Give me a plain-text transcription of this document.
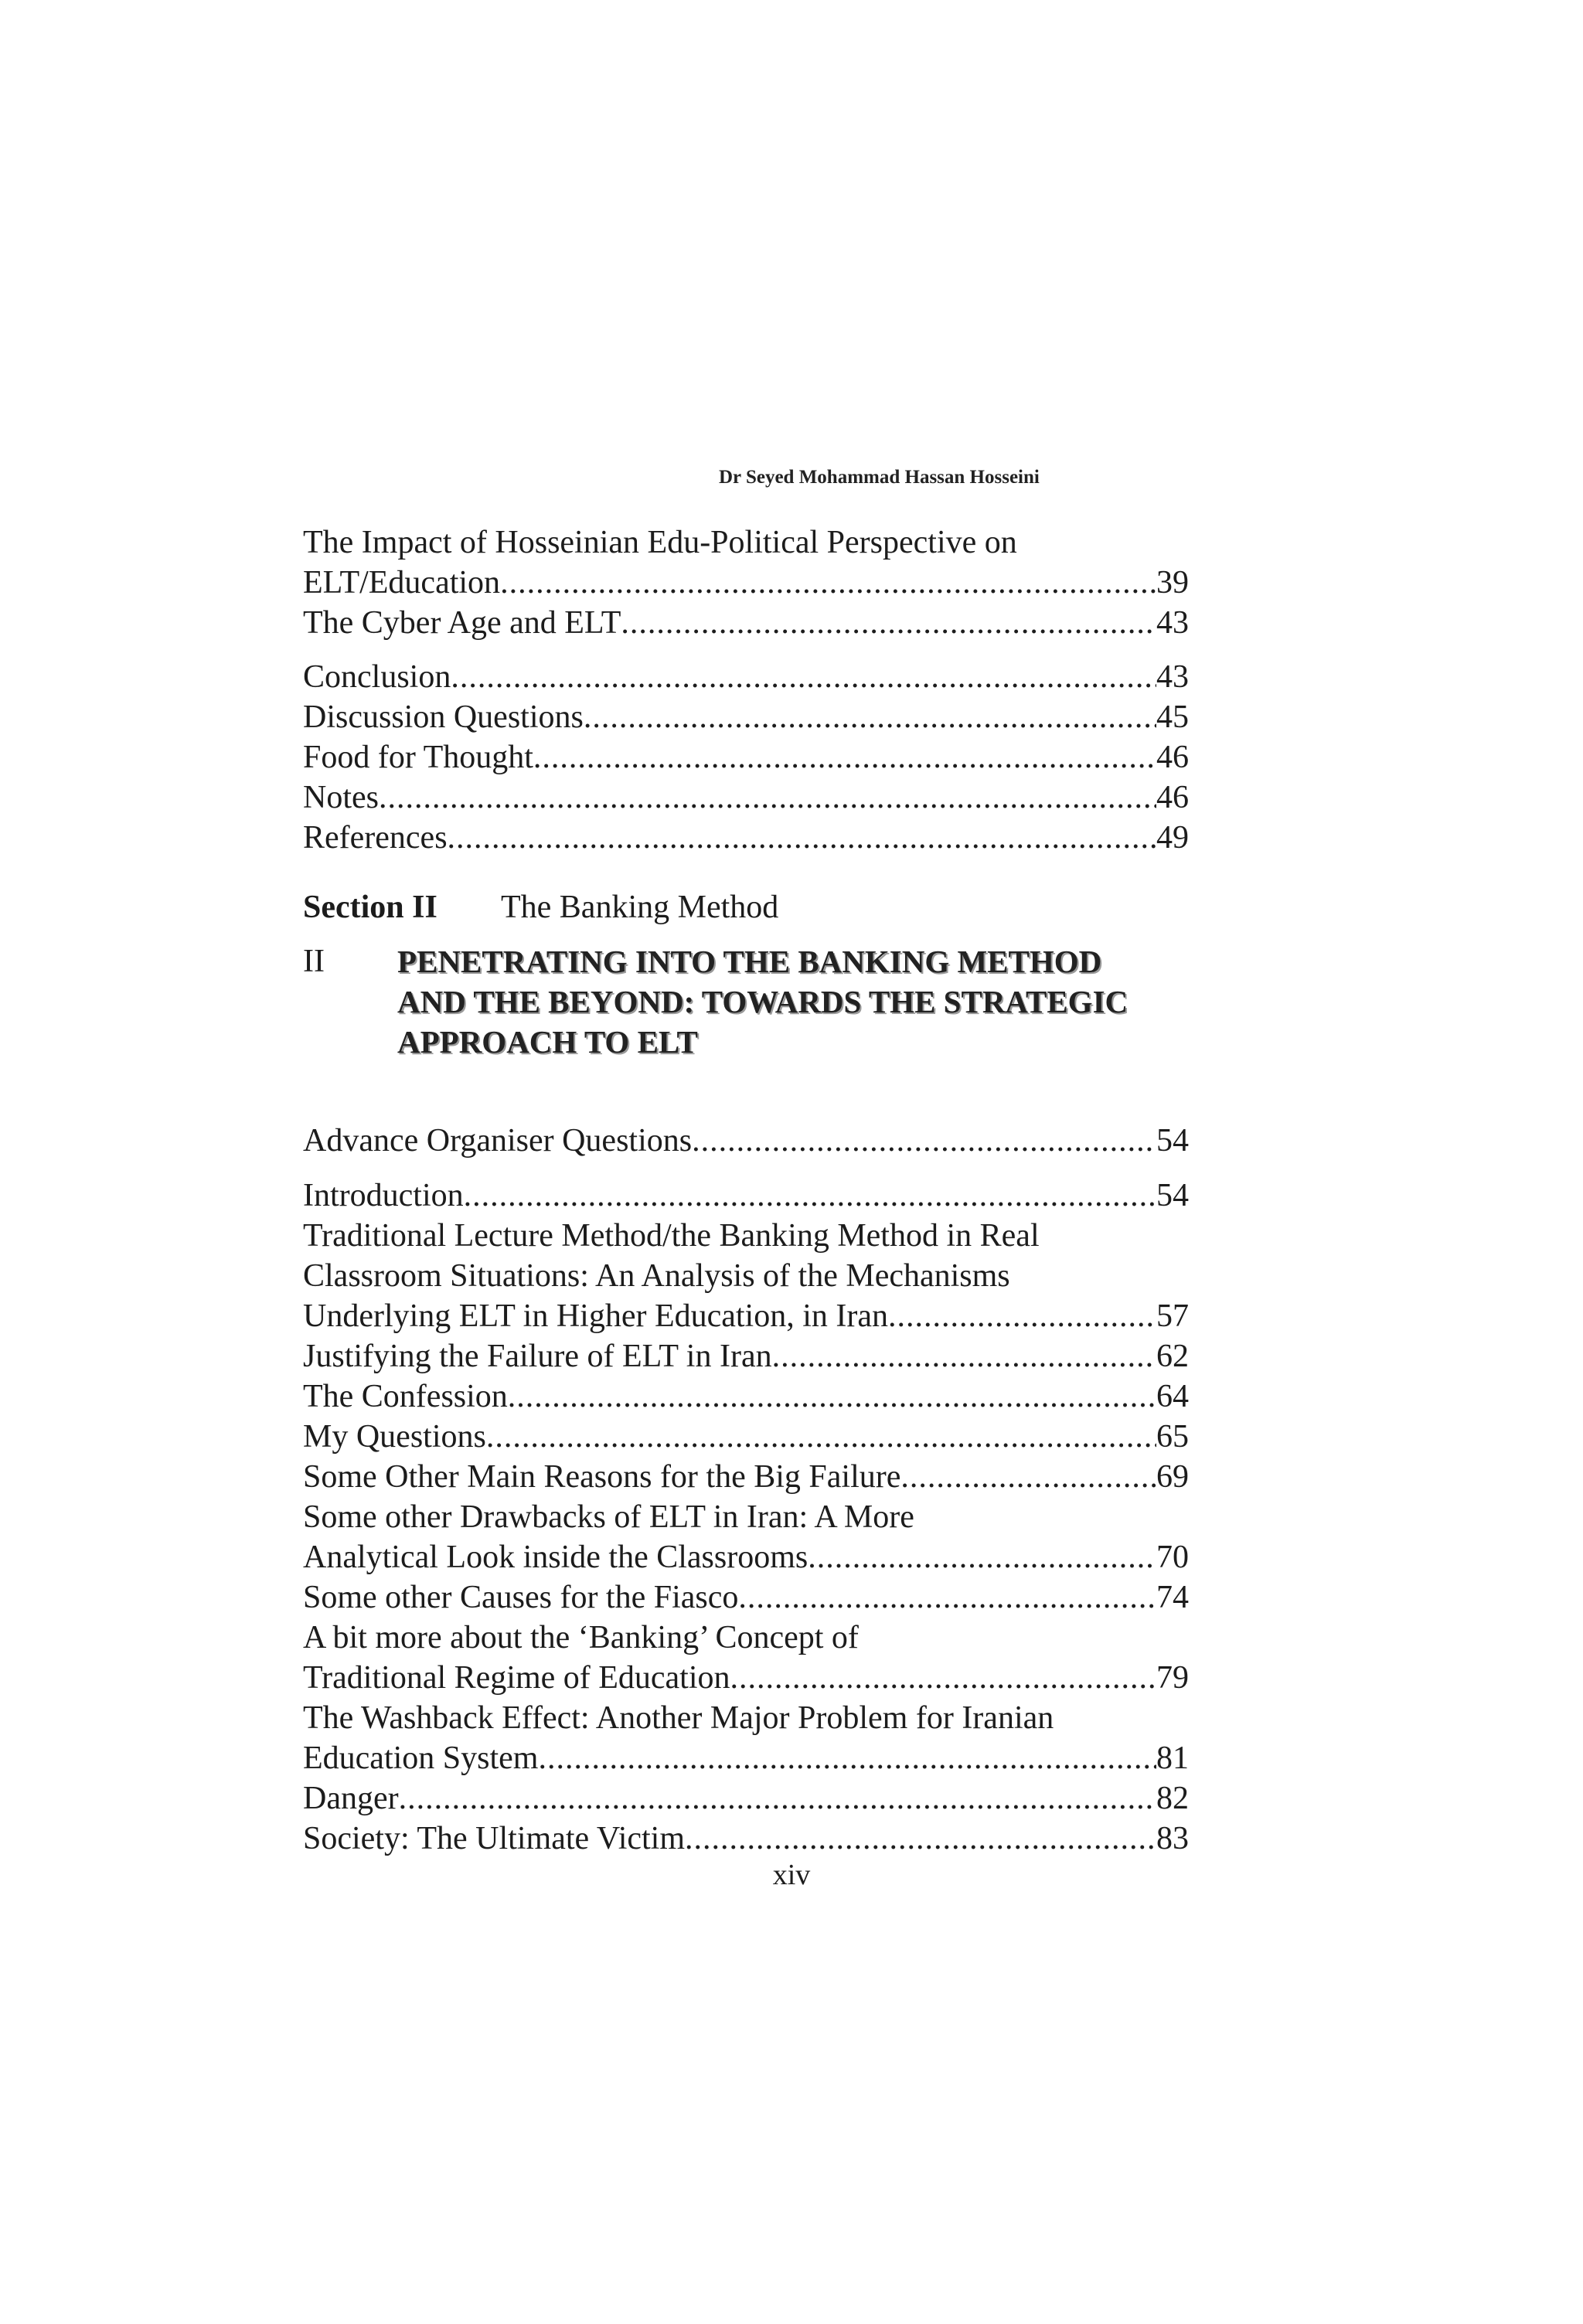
Dr Seyed Mohammad Hassan Hosseini
The Impact of Hosseinian Edu-Political Perspective on
ELT/Education .....	39
The Cyber Age and ELT .....	43
Conclusion .....	43
Discussion Questions .....	45
Food for Thought .....	46
Notes .....	46
References .....	49
Section II The Banking Method
II PENETRATING INTO THE BANKING METHOD
AND THE BEYOND: TOWARDS THE STRATEGIC
APPROACH TO ELT
Advance Organiser Questions .....	54
Introduction .....	54
Traditional Lecture Method/the Banking Method in Real
Classroom Situations: An Analysis of the Mechanisms
Underlying ELT in Higher Education, in Iran .....	57
Justifying the Failure of ELT in Iran .....	62
The Confession .....	64
My Questions .....	65
Some Other Main Reasons for the Big Failure .....	69
Some other Drawbacks of ELT in Iran: A More
Analytical Look inside the Classrooms .....	70
Some other Causes for the Fiasco .....	74
A bit more about the ‘Banking’ Concept of
Traditional Regime of Education .....	79
The Washback Effect: Another Major Problem for Iranian
Education System .....	81
Danger .....	82
Society: The Ultimate Victim .....	83
xiv
